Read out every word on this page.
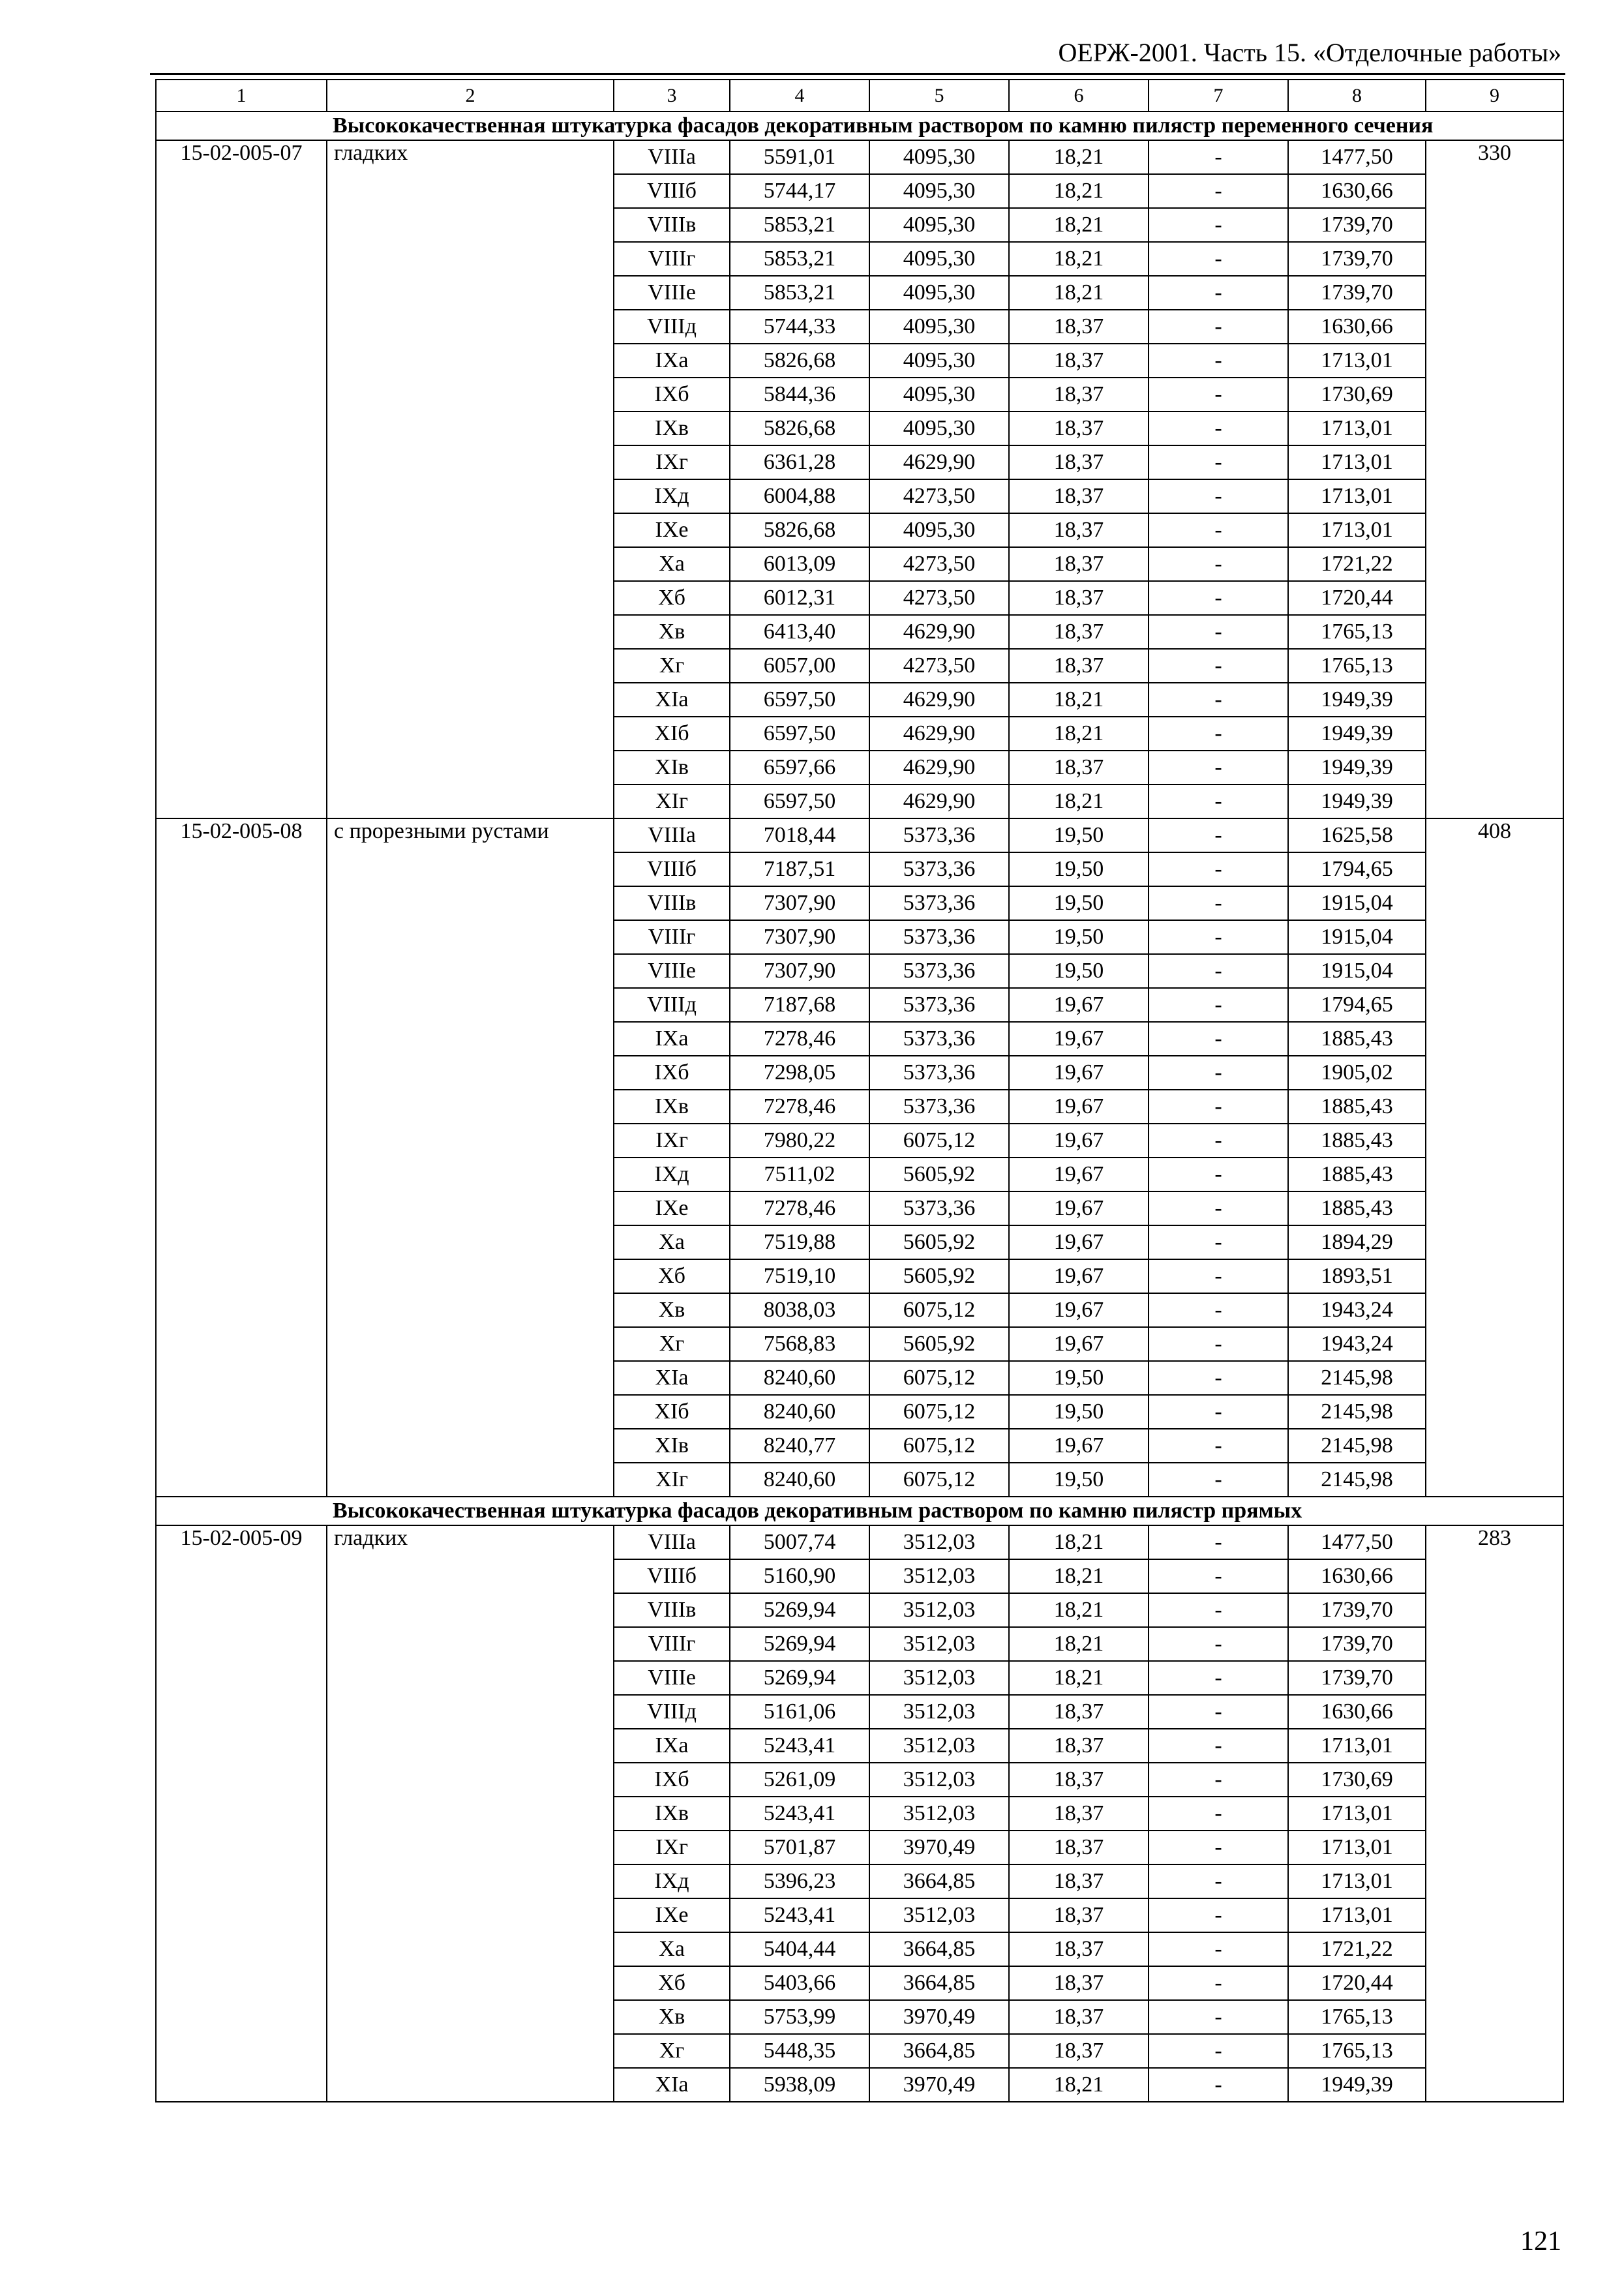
ОЕРЖ-2001. Часть 15. «Отделочные работы»
1	2	3	4	5	6	7	8	9
Высококачественная штукатурка фасадов декоративным раствором по камню пилястр переменного сечения								
15-02-005-07	гладких	VIIIа	5591,01	4095,30	18,21	-	1477,50	330
		VIIIб	5744,17	4095,30	18,21	-	1630,66	
		VIIIв	5853,21	4095,30	18,21	-	1739,70	
		VIIIг	5853,21	4095,30	18,21	-	1739,70	
		VIIIе	5853,21	4095,30	18,21	-	1739,70	
		VIIIд	5744,33	4095,30	18,37	-	1630,66	
		IXа	5826,68	4095,30	18,37	-	1713,01	
		IXб	5844,36	4095,30	18,37	-	1730,69	
		IXв	5826,68	4095,30	18,37	-	1713,01	
		IXг	6361,28	4629,90	18,37	-	1713,01	
		IXд	6004,88	4273,50	18,37	-	1713,01	
		IXе	5826,68	4095,30	18,37	-	1713,01	
		Xа	6013,09	4273,50	18,37	-	1721,22	
		Xб	6012,31	4273,50	18,37	-	1720,44	
		Xв	6413,40	4629,90	18,37	-	1765,13	
		Xг	6057,00	4273,50	18,37	-	1765,13	
		XIа	6597,50	4629,90	18,21	-	1949,39	
		XIб	6597,50	4629,90	18,21	-	1949,39	
		XIв	6597,66	4629,90	18,37	-	1949,39	
		XIг	6597,50	4629,90	18,21	-	1949,39	
15-02-005-08	с прорезными рустами	VIIIа	7018,44	5373,36	19,50	-	1625,58	408
		VIIIб	7187,51	5373,36	19,50	-	1794,65	
		VIIIв	7307,90	5373,36	19,50	-	1915,04	
		VIIIг	7307,90	5373,36	19,50	-	1915,04	
		VIIIе	7307,90	5373,36	19,50	-	1915,04	
		VIIIд	7187,68	5373,36	19,67	-	1794,65	
		IXа	7278,46	5373,36	19,67	-	1885,43	
		IXб	7298,05	5373,36	19,67	-	1905,02	
		IXв	7278,46	5373,36	19,67	-	1885,43	
		IXг	7980,22	6075,12	19,67	-	1885,43	
		IXд	7511,02	5605,92	19,67	-	1885,43	
		IXе	7278,46	5373,36	19,67	-	1885,43	
		Xа	7519,88	5605,92	19,67	-	1894,29	
		Xб	7519,10	5605,92	19,67	-	1893,51	
		Xв	8038,03	6075,12	19,67	-	1943,24	
		Xг	7568,83	5605,92	19,67	-	1943,24	
		XIа	8240,60	6075,12	19,50	-	2145,98	
		XIб	8240,60	6075,12	19,50	-	2145,98	
		XIв	8240,77	6075,12	19,67	-	2145,98	
		XIг	8240,60	6075,12	19,50	-	2145,98	
Высококачественная штукатурка фасадов декоративным раствором по камню пилястр прямых								
15-02-005-09	гладких	VIIIа	5007,74	3512,03	18,21	-	1477,50	283
		VIIIб	5160,90	3512,03	18,21	-	1630,66	
		VIIIв	5269,94	3512,03	18,21	-	1739,70	
		VIIIг	5269,94	3512,03	18,21	-	1739,70	
		VIIIе	5269,94	3512,03	18,21	-	1739,70	
		VIIIд	5161,06	3512,03	18,37	-	1630,66	
		IXа	5243,41	3512,03	18,37	-	1713,01	
		IXб	5261,09	3512,03	18,37	-	1730,69	
		IXв	5243,41	3512,03	18,37	-	1713,01	
		IXг	5701,87	3970,49	18,37	-	1713,01	
		IXд	5396,23	3664,85	18,37	-	1713,01	
		IXе	5243,41	3512,03	18,37	-	1713,01	
		Xа	5404,44	3664,85	18,37	-	1721,22	
		Xб	5403,66	3664,85	18,37	-	1720,44	
		Xв	5753,99	3970,49	18,37	-	1765,13	
		Xг	5448,35	3664,85	18,37	-	1765,13	
		XIа	5938,09	3970,49	18,21	-	1949,39	
121
